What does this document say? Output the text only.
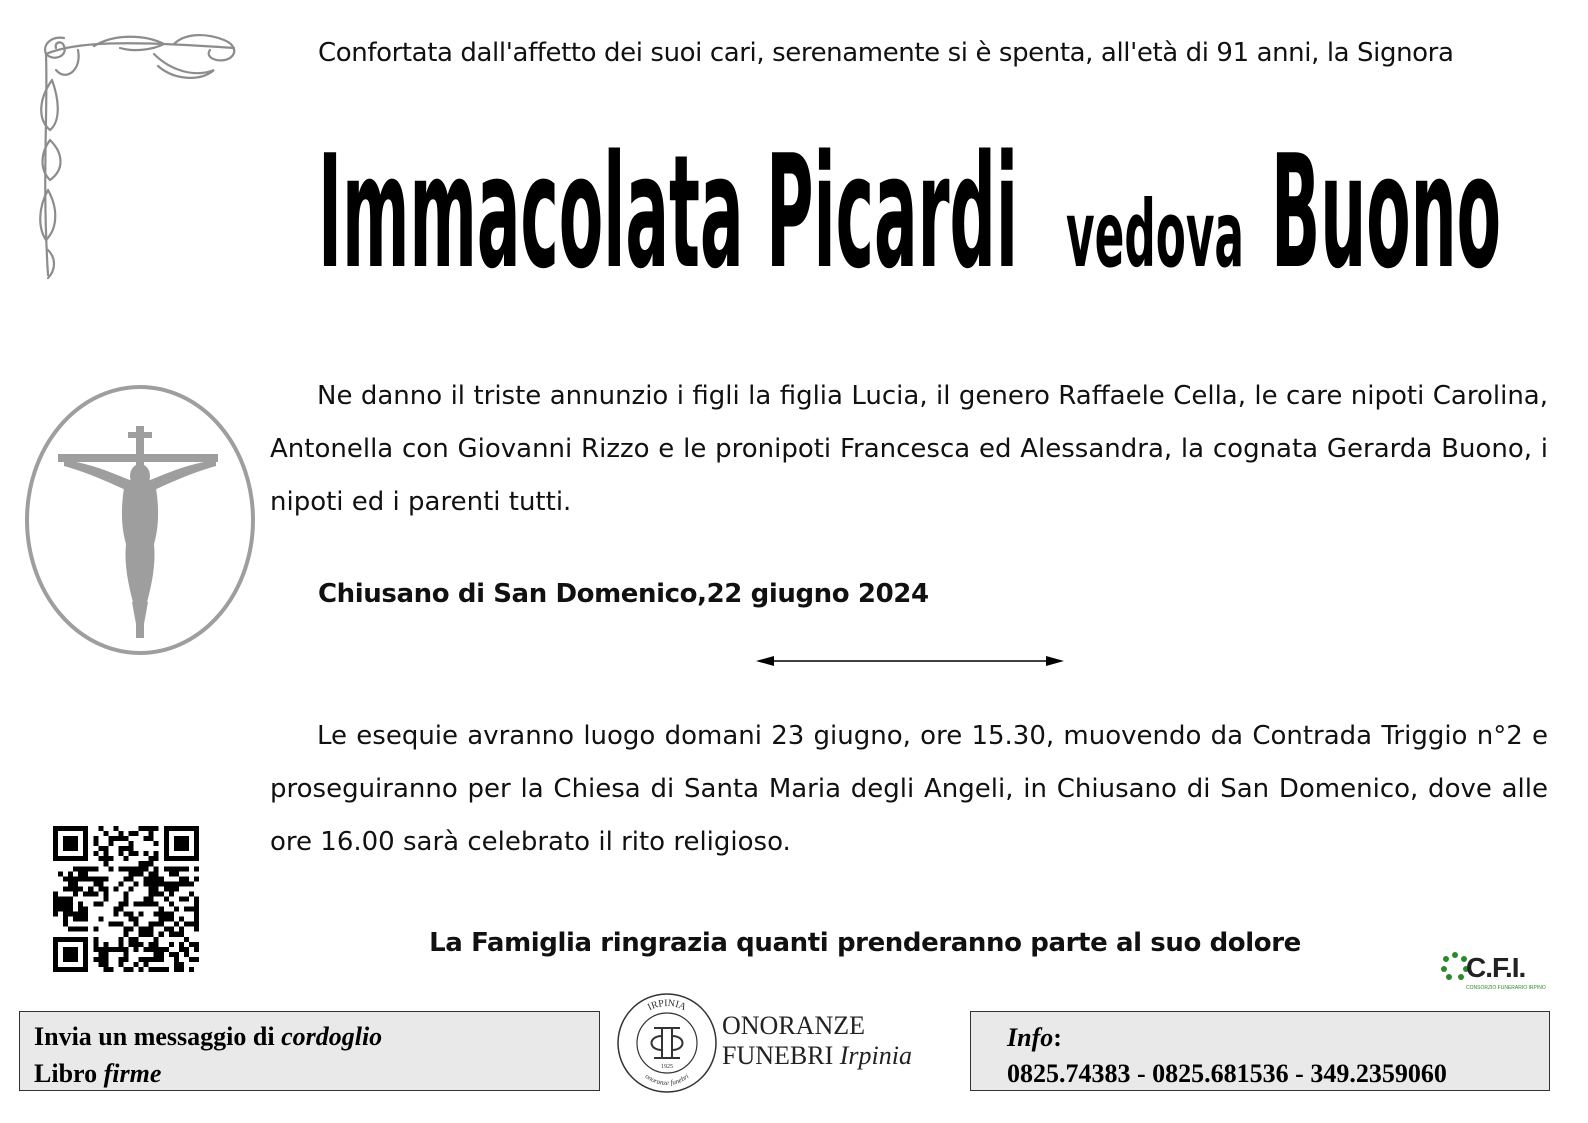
Confortata dall'affetto dei suoi cari, serenamente si è spenta, all'età di 91 anni, la Signora
Immacolata Picardi vedova Buono
Ne danno il triste annunzio i figli la figlia Lucia, il genero Raffaele Cella, le care nipoti Carolina, Antonella con Giovanni Rizzo e le pronipoti Francesca ed Alessandra, la cognata Gerarda Buono, i nipoti ed i parenti tutti.
Chiusano di San Domenico,22 giugno 2024
Le esequie avranno luogo domani 23 giugno, ore 15.30, muovendo da Contrada Triggio n°2 e proseguiranno per la Chiesa di Santa Maria degli Angeli, in Chiusano di San Domenico, dove alle ore 16.00 sarà celebrato il rito religioso.
La Famiglia ringrazia quanti prenderanno parte al suo dolore
C.F.I.
CONSORZIO FUNERARIO IRPINO
Invia un messaggio di cordoglio
Libro firme
IRPINIA
onoranze funebri
1925
ONORANZE
FUNEBRI Irpinia
Info:
0825.74383 - 0825.681536 - 349.2359060
